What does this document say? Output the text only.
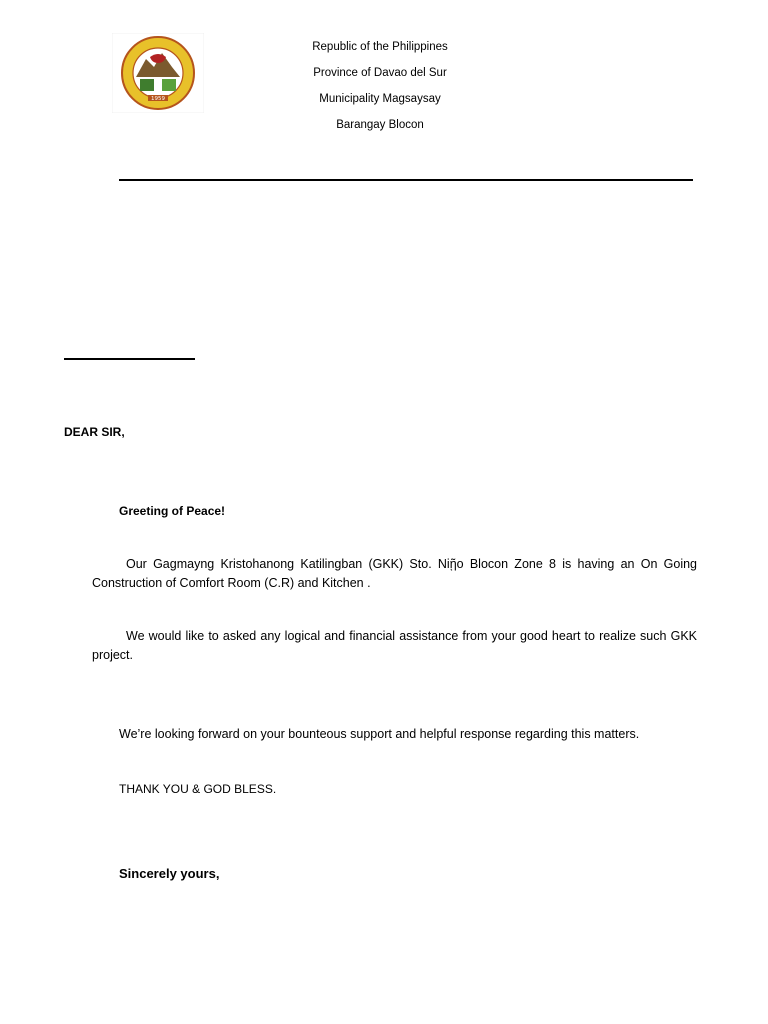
1959
Republic of the Philippines
Province of Davao del Sur
Municipality Magsaysay
Barangay Blocon
DEAR SIR,
Greeting of Peace!
Our Gagmayng Kristohanong Katilingban (GKK) Sto. Niῇo Blocon Zone 8 is having an On Going Construction of Comfort Room (C.R) and Kitchen .
We would like to asked any logical and financial assistance from your good heart to realize such GKK project.
We’re looking forward on your bounteous support and helpful response regarding this matters.
THANK YOU & GOD BLESS.
Sincerely yours,
